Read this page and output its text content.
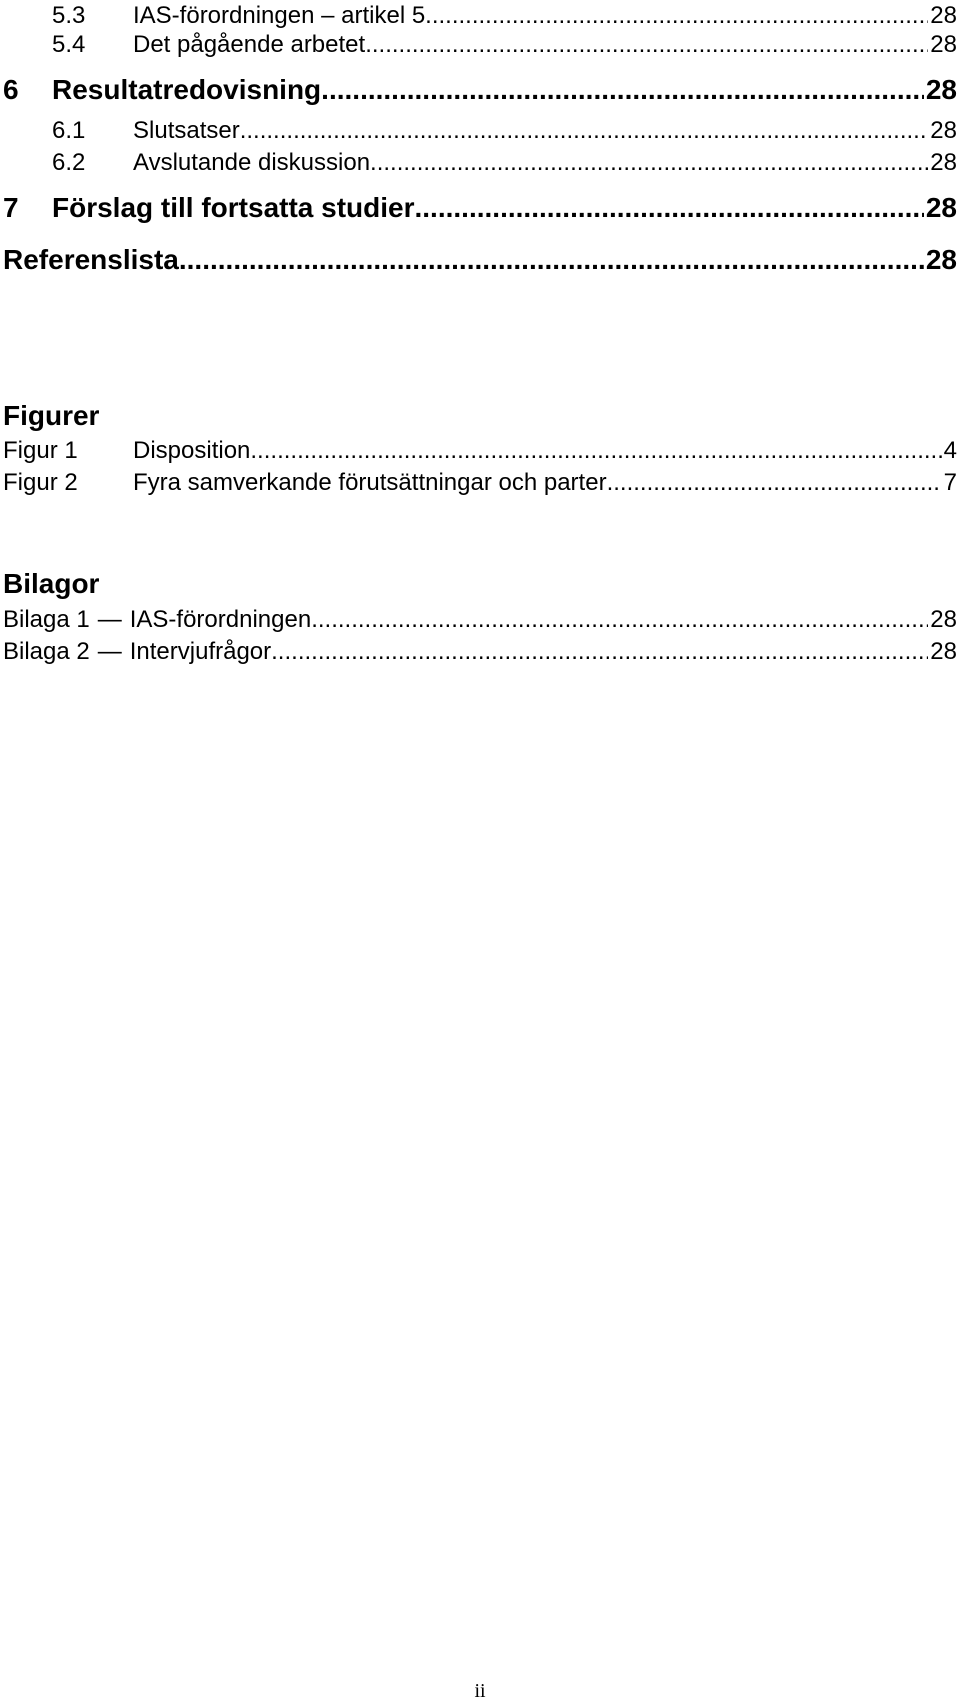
5.3	IAS-förordningen – artikel 5 .....	28
5.4	Det pågående arbetet .....	28
6	Resultatredovisning .....	28
6.1	Slutsatser .....	28
6.2	Avslutande diskussion .....	28
7	Förslag till fortsatta studier .....	28
Referenslista .....	28
Figurer
Figur 1	Disposition .....	4
Figur 2	Fyra samverkande förutsättningar och parter .....	7
Bilagor
Bilaga 1 — IAS-förordningen .....	28
Bilaga 2 — Intervjufrågor .....	28
ii
